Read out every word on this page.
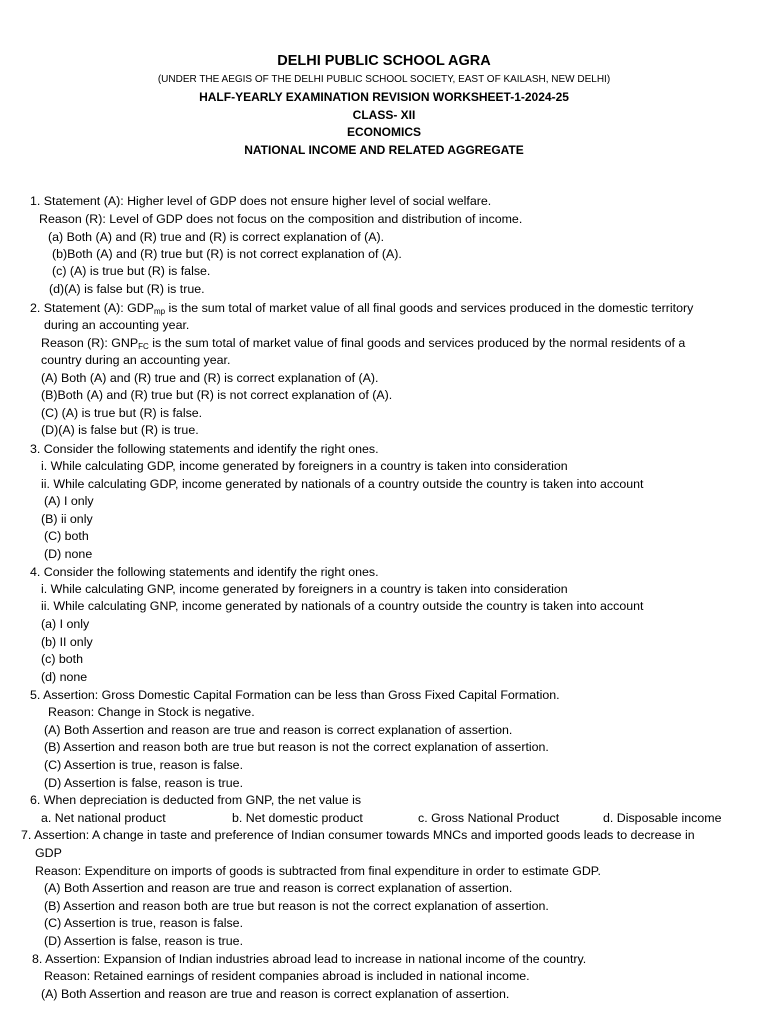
DELHI PUBLIC SCHOOL AGRA
(UNDER THE AEGIS OF THE DELHI PUBLIC SCHOOL SOCIETY, EAST OF KAILASH, NEW DELHI)
HALF-YEARLY EXAMINATION REVISION WORKSHEET-1-2024-25
CLASS- XII
ECONOMICS
NATIONAL INCOME AND RELATED AGGREGATE
1. Statement (A): Higher level of GDP does not ensure higher level of social welfare.
Reason (R): Level of GDP does not focus on the composition and distribution of income.
(a) Both (A) and (R) true and (R) is correct explanation of (A).
(b)Both (A) and (R) true but (R) is not correct explanation of (A).
(c) (A) is true but (R) is false.
(d)(A) is false but (R) is true.
2. Statement (A): $GDP_{mp}$ is the sum total of market value of all final goods and services produced in the domestic territory
during an accounting year.
Reason (R): $GNP_{FC}$ is the sum total of market value of final goods and services produced by the normal residents of a
country during an accounting year.
(A) Both (A) and (R) true and (R) is correct explanation of (A).
(B)Both (A) and (R) true but (R) is not correct explanation of (A).
(C) (A) is true but (R) is false.
(D)(A) is false but (R) is true.
3. Consider the following statements and identify the right ones.
i. While calculating GDP, income generated by foreigners in a country is taken into consideration
ii. While calculating GDP, income generated by nationals of a country outside the country is taken into account
(A) I only
(B) ii only
(C) both
(D) none
4. Consider the following statements and identify the right ones.
i. While calculating GNP, income generated by foreigners in a country is taken into consideration
ii. While calculating GNP, income generated by nationals of a country outside the country is taken into account
(a) I only
(b) II only
(c) both
(d) none
5. Assertion: Gross Domestic Capital Formation can be less than Gross Fixed Capital Formation.
Reason: Change in Stock is negative.
(A) Both Assertion and reason are true and reason is correct explanation of assertion.
(B) Assertion and reason both are true but reason is not the correct explanation of assertion.
(C) Assertion is true, reason is false.
(D) Assertion is false, reason is true.
6. When depreciation is deducted from GNP, the net value is
a. Net national product	b. Net domestic product	c. Gross National Product	d. Disposable income
7. Assertion: A change in taste and preference of Indian consumer towards MNCs and imported goods leads to decrease in
GDP
Reason: Expenditure on imports of goods is subtracted from final expenditure in order to estimate GDP.
(A) Both Assertion and reason are true and reason is correct explanation of assertion.
(B) Assertion and reason both are true but reason is not the correct explanation of assertion.
(C) Assertion is true, reason is false.
(D) Assertion is false, reason is true.
8. Assertion: Expansion of Indian industries abroad lead to increase in national income of the country.
Reason: Retained earnings of resident companies abroad is included in national income.
(A) Both Assertion and reason are true and reason is correct explanation of assertion.
